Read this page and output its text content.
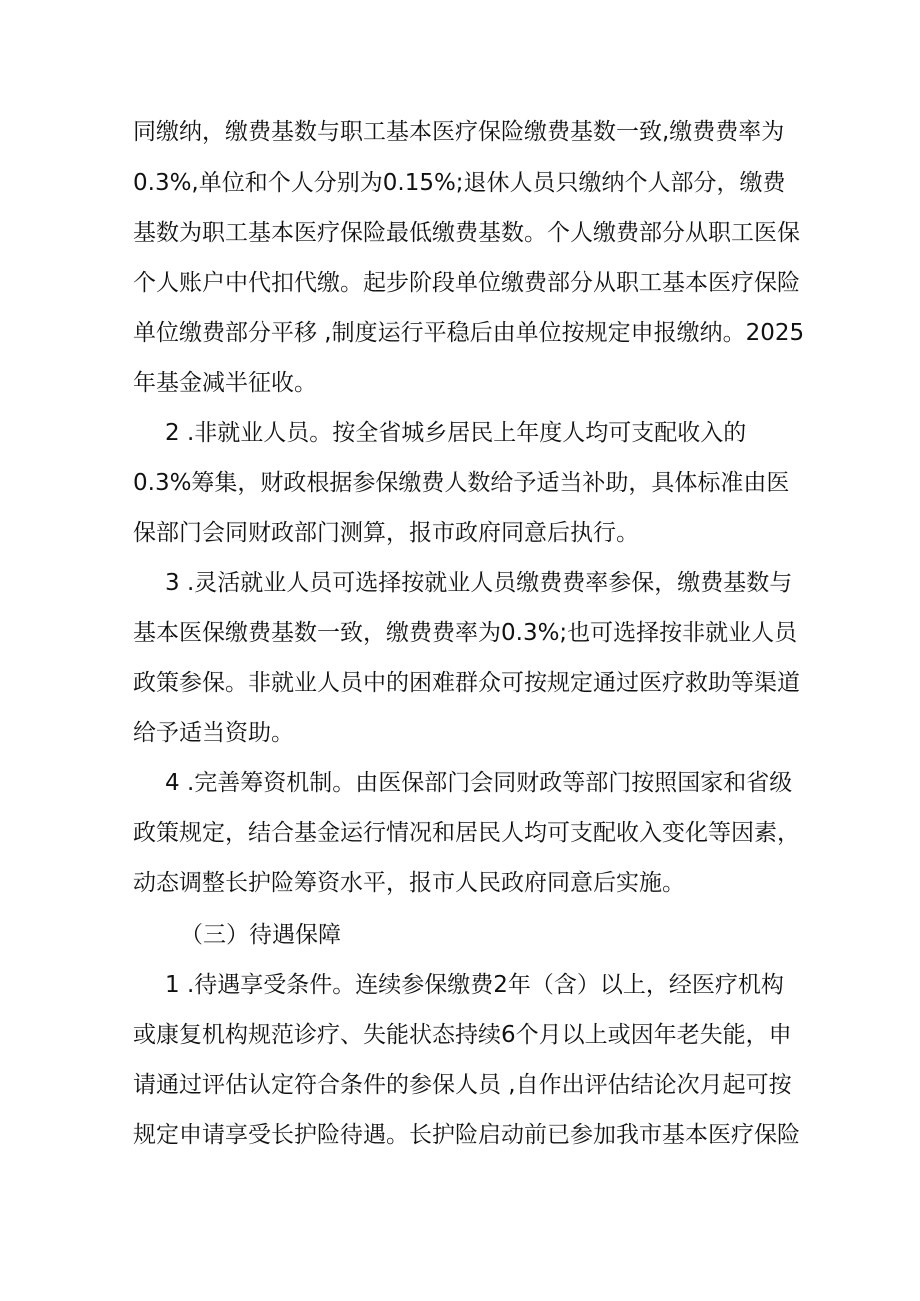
同缴纳，缴费基数与职工基本医疗保险缴费基数一致,缴费费率为
0.3%,单位和个人分别为0.15%;退休人员只缴纳个人部分，缴费
基数为职工基本医疗保险最低缴费基数。个人缴费部分从职工医保
个人账户中代扣代缴。起步阶段单位缴费部分从职工基本医疗保险
单位缴费部分平移 ,制度运行平稳后由单位按规定申报缴纳。2025
年基金减半征收。
2 .非就业人员。按全省城乡居民上年度人均可支配收入的
0.3%筹集，财政根据参保缴费人数给予适当补助，具体标准由医
保部门会同财政部门测算，报市政府同意后执行。
3 .灵活就业人员可选择按就业人员缴费费率参保，缴费基数与
基本医保缴费基数一致，缴费费率为0.3%;也可选择按非就业人员
政策参保。非就业人员中的困难群众可按规定通过医疗救助等渠道
给予适当资助。
4 .完善筹资机制。由医保部门会同财政等部门按照国家和省级
政策规定，结合基金运行情况和居民人均可支配收入变化等因素，
动态调整长护险筹资水平，报市人民政府同意后实施。
（三）待遇保障
1 .待遇享受条件。连续参保缴费2年（含）以上，经医疗机构
或康复机构规范诊疗、失能状态持续6个月以上或因年老失能，申
请通过评估认定符合条件的参保人员 ,自作出评估结论次月起可按
规定申请享受长护险待遇。长护险启动前已参加我市基本医疗保险
